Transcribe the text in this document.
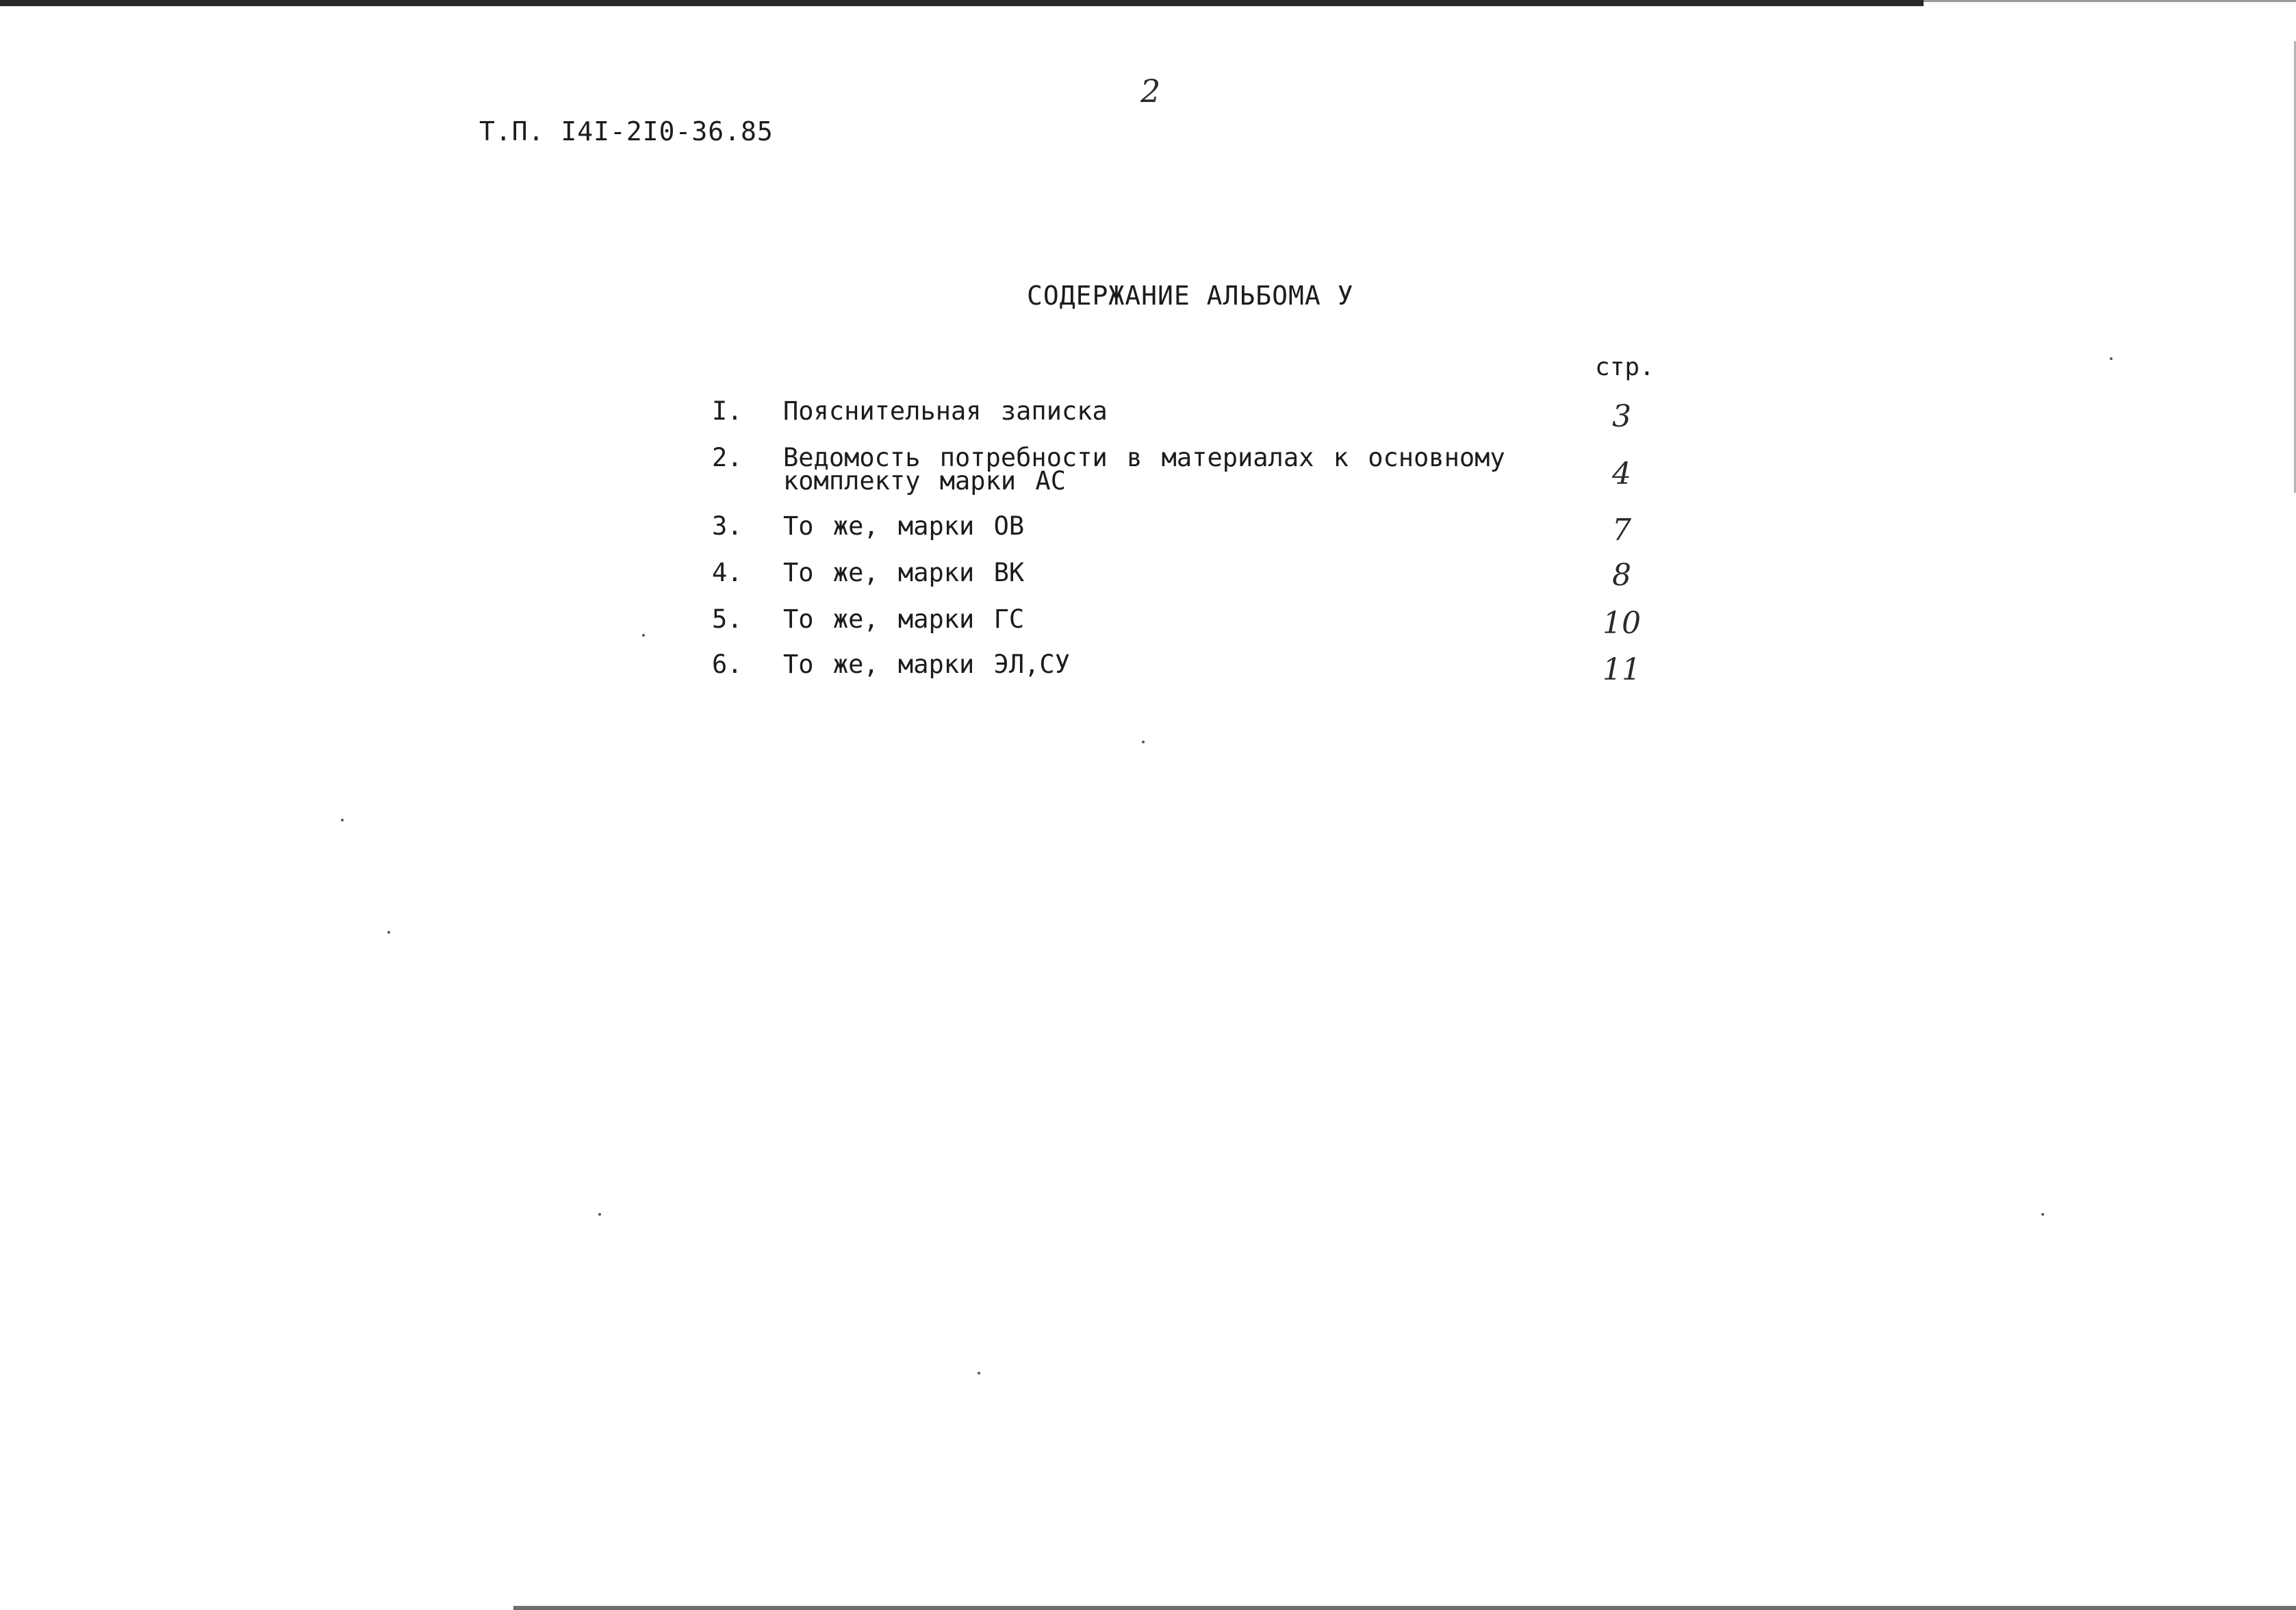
2
Т.П. I4I-2I0-36.85
СОДЕРЖАНИЕ АЛЬБОМА У
стр.
I.	Пояснительная записка	3
2.	Ведомость потребности в материалах к основному
комплекту марки АС	4
3.	То же, марки ОВ	7
4.	То же, марки ВК	8
5.	То же, марки ГС	10
6.	То же, марки ЭЛ,СУ	11
